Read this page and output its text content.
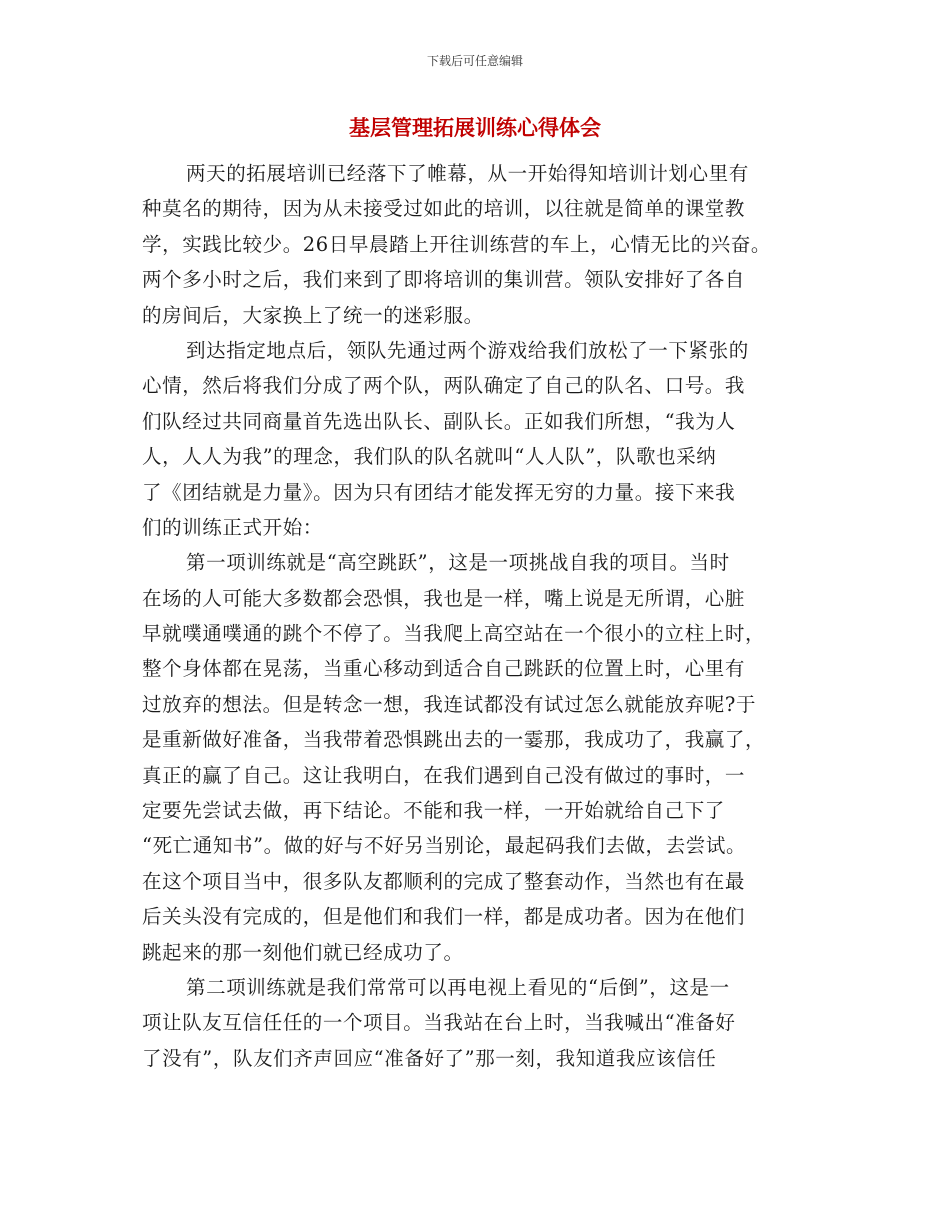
下载后可任意编辑
基层管理拓展训练心得体会
两天的拓展培训已经落下了帷幕，从一开始得知培训计划心里有
种莫名的期待，因为从未接受过如此的培训，以往就是简单的课堂教
学，实践比较少。26日早晨踏上开往训练营的车上，心情无比的兴奋。
两个多小时之后，我们来到了即将培训的集训营。领队安排好了各自
的房间后，大家换上了统一的迷彩服。
到达指定地点后，领队先通过两个游戏给我们放松了一下紧张的
心情，然后将我们分成了两个队，两队确定了自己的队名、口号。我
们队经过共同商量首先选出队长、副队长。正如我们所想，“我为人
人，人人为我”的理念，我们队的队名就叫“人人队”，队歌也采纳
了《团结就是力量》。因为只有团结才能发挥无穷的力量。接下来我
们的训练正式开始：
第一项训练就是“高空跳跃”，这是一项挑战自我的项目。当时
在场的人可能大多数都会恐惧，我也是一样，嘴上说是无所谓，心脏
早就噗通噗通的跳个不停了。当我爬上高空站在一个很小的立柱上时，
整个身体都在晃荡，当重心移动到适合自己跳跃的位置上时，心里有
过放弃的想法。但是转念一想，我连试都没有试过怎么就能放弃呢?于
是重新做好准备，当我带着恐惧跳出去的一霎那，我成功了，我赢了，
真正的赢了自己。这让我明白，在我们遇到自己没有做过的事时，一
定要先尝试去做，再下结论。不能和我一样，一开始就给自己下了
“死亡通知书”。做的好与不好另当别论，最起码我们去做，去尝试。
在这个项目当中，很多队友都顺利的完成了整套动作，当然也有在最
后关头没有完成的，但是他们和我们一样，都是成功者。因为在他们
跳起来的那一刻他们就已经成功了。
第二项训练就是我们常常可以再电视上看见的“后倒”，这是一
项让队友互信任任的一个项目。当我站在台上时，当我喊出“准备好
了没有”，队友们齐声回应“准备好了”那一刻，我知道我应该信任
